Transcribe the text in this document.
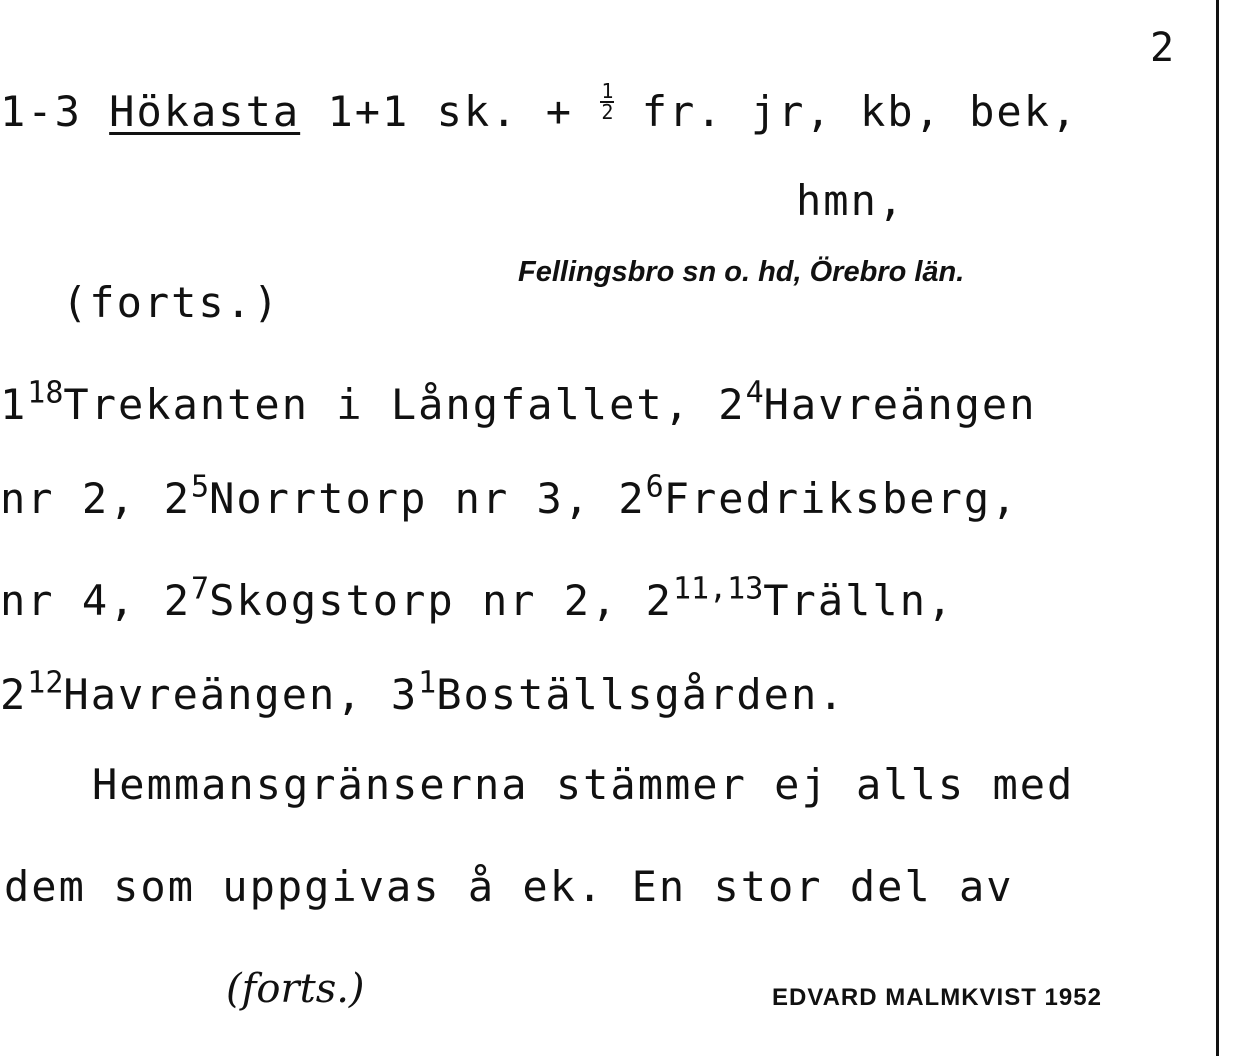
2
1-3 Hökasta 1+1 sk. + $\frac{1}{2}$ fr. jr, kb, bek,
hmn,
(forts.)
Fellingsbro sn o. hd, Örebro län.
$1^{18}Trekanten$ i Långfallet, $2^4Havreängen$
nr 2, $2^5Norrtorp$ nr 3, $2^6Fredriksberg$,
nr 4, $2^7Skogstorp$ nr 2, 2$^{11,13}$Trälln,
$2^{12}Havreängen$, $3^1Boställsgården$.
Hemmansgränserna stämmer ej alls med
dem som uppgivas å ek. En stor del av
(forts.)	EDVARD MALMKVIST 1952
